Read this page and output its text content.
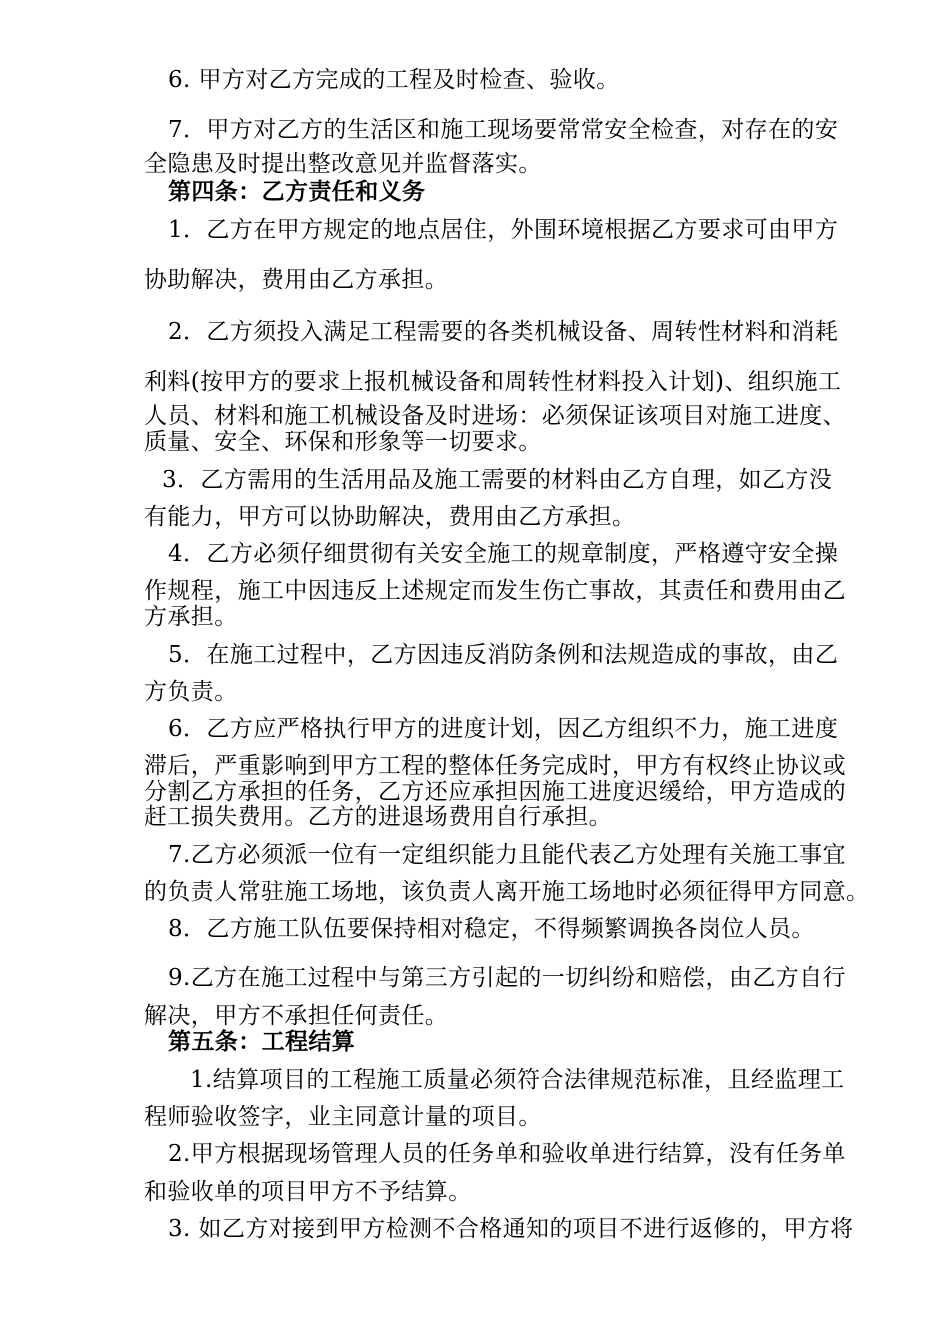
6. 甲方对乙方完成的工程及时检查、验收。
7．甲方对乙方的生活区和施工现场要常常安全检查，对存在的安
全隐患及时提出整改意见并监督落实。
第四条：乙方责任和义务
1．乙方在甲方规定的地点居住，外围环境根据乙方要求可由甲方
协助解决，费用由乙方承担。
2．乙方须投入满足工程需要的各类机械设备、周转性材料和消耗
利料(按甲方的要求上报机械设备和周转性材料投入计划)、组织施工
人员、材料和施工机械设备及时进场：必须保证该项目对施工进度、
质量、安全、环保和形象等一切要求。
3．乙方需用的生活用品及施工需要的材料由乙方自理，如乙方没
有能力，甲方可以协助解决，费用由乙方承担。
4．乙方必须仔细贯彻有关安全施工的规章制度，严格遵守安全操
作规程，施工中因违反上述规定而发生伤亡事故，其责任和费用由乙
方承担。
5．在施工过程中，乙方因违反消防条例和法规造成的事故，由乙
方负责。
6．乙方应严格执行甲方的进度计划，因乙方组织不力，施工进度
滞后，严重影响到甲方工程的整体任务完成时，甲方有权终止协议或
分割乙方承担的任务，乙方还应承担因施工进度迟缓给，甲方造成的
赶工损失费用。乙方的进退场费用自行承担。
7.乙方必须派一位有一定组织能力且能代表乙方处理有关施工事宜
的负责人常驻施工场地，该负责人离开施工场地时必须征得甲方同意。
8．乙方施工队伍要保持相对稳定，不得频繁调换各岗位人员。
9.乙方在施工过程中与第三方引起的一切纠纷和赔偿，由乙方自行
解决，甲方不承担任何责任。
第五条：工程结算
1.结算项目的工程施工质量必须符合法律规范标准，且经监理工
程师验收签字，业主同意计量的项目。
2.甲方根据现场管理人员的任务单和验收单进行结算，没有任务单
和验收单的项目甲方不予结算。
3. 如乙方对接到甲方检测不合格通知的项目不进行返修的，甲方将
